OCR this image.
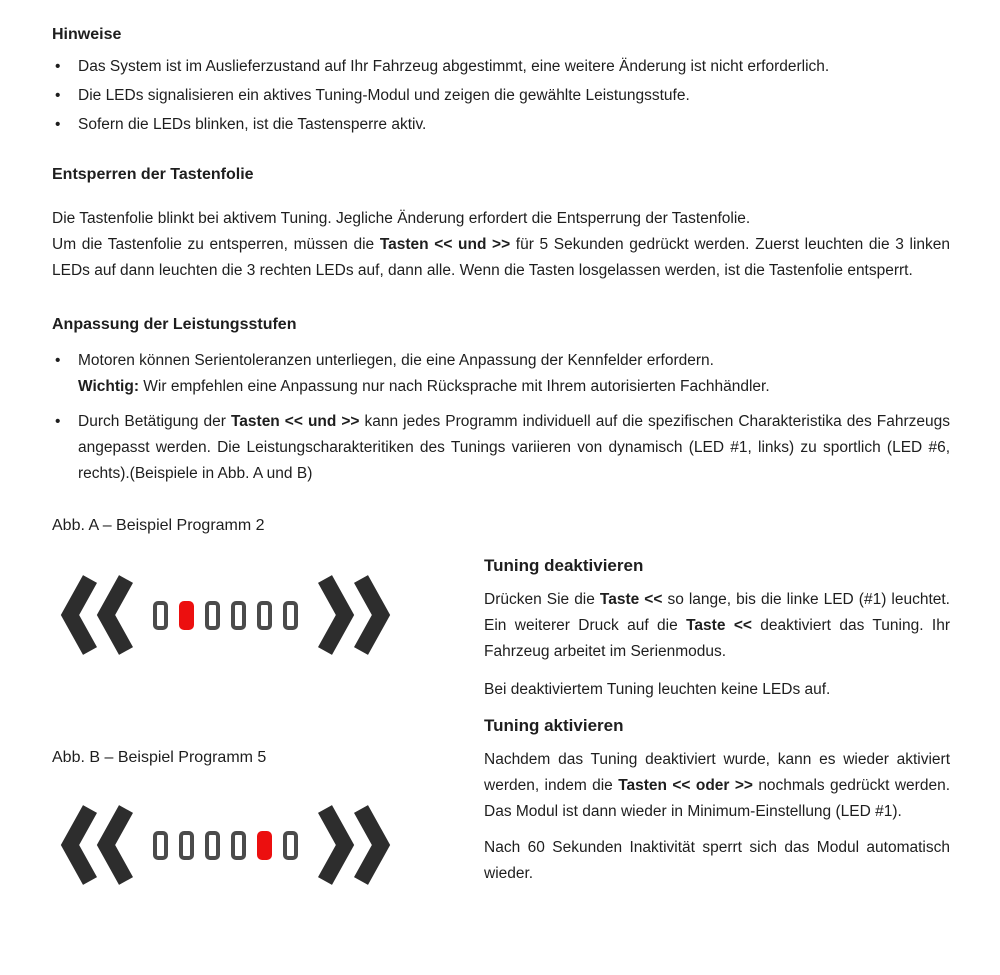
Hinweise
•	Das System ist im Auslieferzustand auf Ihr Fahrzeug abgestimmt, eine weitere Änderung ist nicht erforderlich.
•	Die LEDs signalisieren ein aktives Tuning-Modul und zeigen die gewählte Leistungsstufe.
•	Sofern die LEDs blinken, ist die Tastensperre aktiv.
Entsperren der Tastenfolie
Die Tastenfolie blinkt bei aktivem Tuning. Jegliche Änderung erfordert die Entsperrung der Tastenfolie.
Um die Tastenfolie zu entsperren, müssen die Tasten << und >> für 5 Sekunden gedrückt werden. Zuerst leuchten die 3 linken LEDs auf dann leuchten die 3 rechten LEDs auf, dann alle. Wenn die Tasten losgelassen werden, ist die Tastenfolie entsperrt.
Anpassung der Leistungsstufen
•	Motoren können Serientoleranzen unterliegen, die eine Anpassung der Kennfelder erfordern.
Wichtig: Wir empfehlen eine Anpassung nur nach Rücksprache mit Ihrem autorisierten Fachhändler.
•	Durch Betätigung der Tasten << und >> kann jedes Programm individuell auf die spezifischen Charakteristika des Fahrzeugs angepasst werden. Die Leistungscharakteritiken des Tunings variieren von dynamisch (LED #1, links) zu sportlich (LED #6, rechts).(Beispiele in Abb. A und B)
Abb. A – Beispiel Programm 2
Abb. B – Beispiel Programm 5
Tuning deaktivieren

Drücken Sie die Taste << so lange, bis die linke LED (#1) leuchtet. Ein weiterer Druck auf die Taste << deaktiviert das Tuning. Ihr Fahrzeug arbeitet im Serienmodus.

Bei deaktiviertem Tuning leuchten keine LEDs auf.

Tuning aktivieren

Nachdem das Tuning deaktiviert wurde, kann es wieder aktiviert werden, indem die Tasten << oder >> nochmals gedrückt werden. Das Modul ist dann wieder in Minimum-Einstellung (LED #1).

Nach 60 Sekunden Inaktivität sperrt sich das Modul automatisch wieder.
